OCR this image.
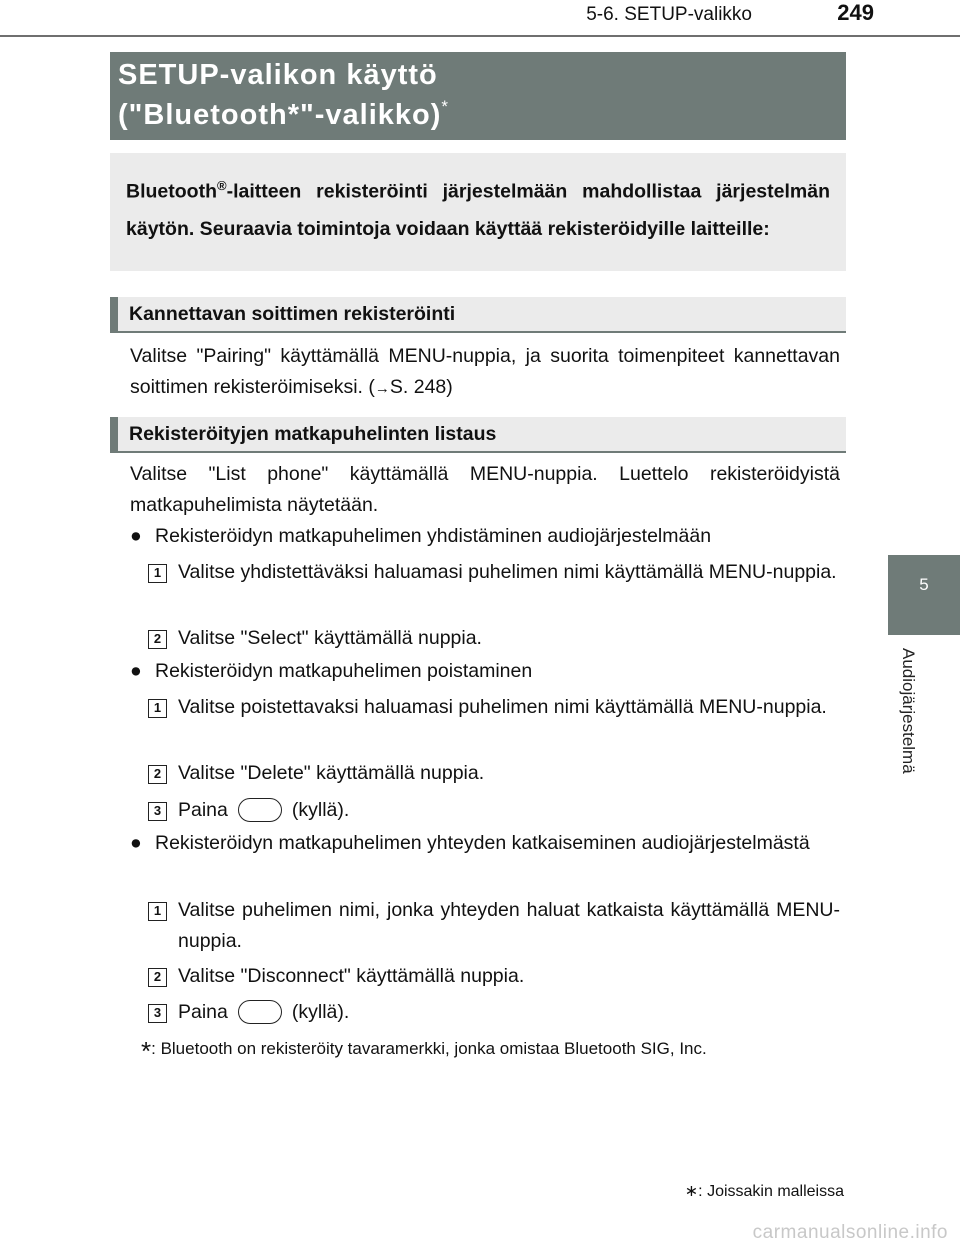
5-6. SETUP-valikko	249
5
Audiojärjestelmä
SETUP-valikon käyttö
("Bluetooth*"-valikko)*

Bluetooth®-laitteen rekisteröinti järjestelmään mahdollistaa järjestelmän käytön. Seuraavia toimintoja voidaan käyttää rekisteröidyille laitteille:

Kannettavan soittimen rekisteröinti

Valitse "Pairing" käyttämällä MENU-nuppia, ja suorita toimenpiteet kannettavan soittimen rekisteröimiseksi. (→S. 248)

Rekisteröityjen matkapuhelinten listaus

Valitse "List phone" käyttämällä MENU-nuppia. Luettelo rekisteröidyistä matkapuhelimista näytetään.

● Rekisteröidyn matkapuhelimen yhdistäminen audiojärjestelmään

1 Valitse yhdistettäväksi haluamasi puhelimen nimi käyttämällä MENU-nuppia.

2 Valitse "Select" käyttämällä nuppia.

● Rekisteröidyn matkapuhelimen poistaminen

1 Valitse poistettavaksi haluamasi puhelimen nimi käyttämällä MENU-nuppia.

2 Valitse "Delete" käyttämällä nuppia.

3 Paina	(kyllä).

● Rekisteröidyn matkapuhelimen yhteyden katkaiseminen audiojärjestelmästä

1 Valitse puhelimen nimi, jonka yhteyden haluat katkaista käyttämällä MENU-nuppia.

2 Valitse "Disconnect" käyttämällä nuppia.

3 Paina	(kyllä).

*: Bluetooth on rekisteröity tavaramerkki, jonka omistaa Bluetooth SIG, Inc.
∗: Joissakin malleissa
carmanualsonline.info
